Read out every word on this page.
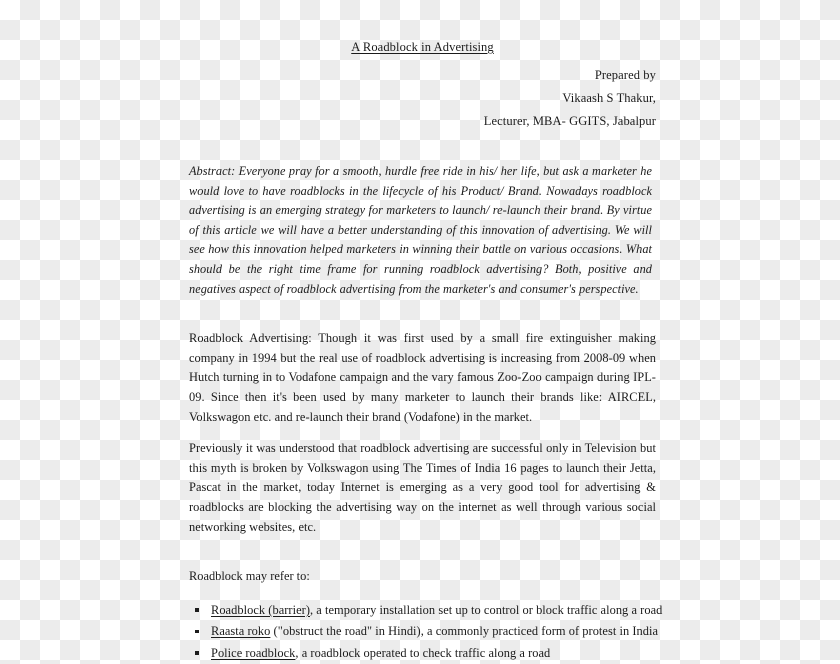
A Roadblock in Advertising
Prepared by
Vikaash S Thakur,
Lecturer, MBA- GGITS, Jabalpur
Abstract: Everyone pray for a smooth, hurdle free ride in his/ her life, but ask a marketer he would love to have roadblocks in the lifecycle of his Product/ Brand. Nowadays roadblock advertising is an emerging strategy for marketers to launch/ re-launch their brand. By virtue of this article we will have a better understanding of this innovation of advertising. We will see how this innovation helped marketers in winning their battle on various occasions. What should be the right time frame for running roadblock advertising? Both, positive and negatives aspect of roadblock advertising from the marketer's and consumer's perspective.
Roadblock Advertising: Though it was first used by a small fire extinguisher making company in 1994 but the real use of roadblock advertising is increasing from 2008-09 when Hutch turning in to Vodafone campaign and the vary famous Zoo-Zoo campaign during IPL-09. Since then it's been used by many marketer to launch their brands like: AIRCEL, Volkswagon etc. and re-launch their brand (Vodafone) in the market.
Previously it was understood that roadblock advertising are successful only in Television but this myth is broken by Volkswagon using The Times of India 16 pages to launch their Jetta, Pascat in the market, today Internet is emerging as a very good tool for advertising & roadblocks are blocking the advertising way on the internet as well through various social networking websites, etc.
Roadblock may refer to:
Roadblock (barrier), a temporary installation set up to control or block traffic along a road
Raasta roko ("obstruct the road" in Hindi), a commonly practiced form of protest in India
Police roadblock, a roadblock operated to check traffic along a road
